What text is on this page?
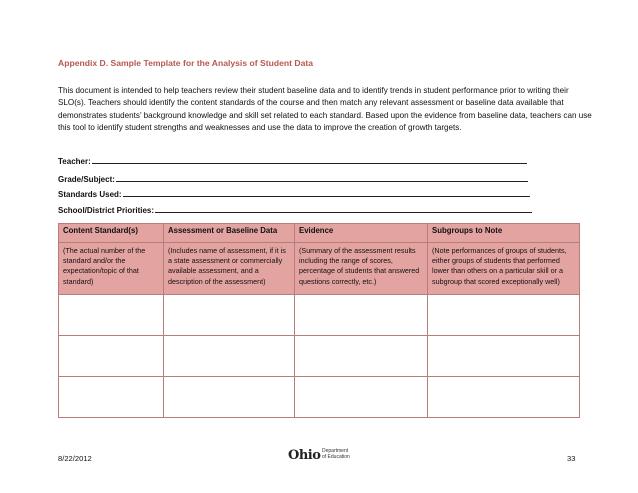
Appendix D. Sample Template for the Analysis of Student Data

This document is intended to help teachers review their student baseline data and to identify trends in student performance prior to writing their SLO(s). Teachers should identify the content standards of the course and then match any relevant assessment or baseline data available that demonstrates students’ background knowledge and skill set related to each standard. Based upon the evidence from baseline data, teachers can use this tool to identify student strengths and weaknesses and use the data to improve the creation of growth targets.

Teacher:
Grade/Subject:
Standards Used:
School/District Priorities:
Content Standard(s)	Assessment or Baseline Data	Evidence	Subgroups to Note

(The actual number of the
standard and/or the
expectation/topic of that
standard)	(Includes name of assessment, if it is
a state assessment or commercially
available assessment, and a
description of the assessment)	(Summary of the assessment results
including the range of scores,
percentage of students that answered
questions correctly, etc.)	(Note performances of groups of students,
either groups of students that performed
lower than others on a particular skill or a
subgroup that scored exceptionally well)

8/22/2012	Ohio Department
of Education	33
